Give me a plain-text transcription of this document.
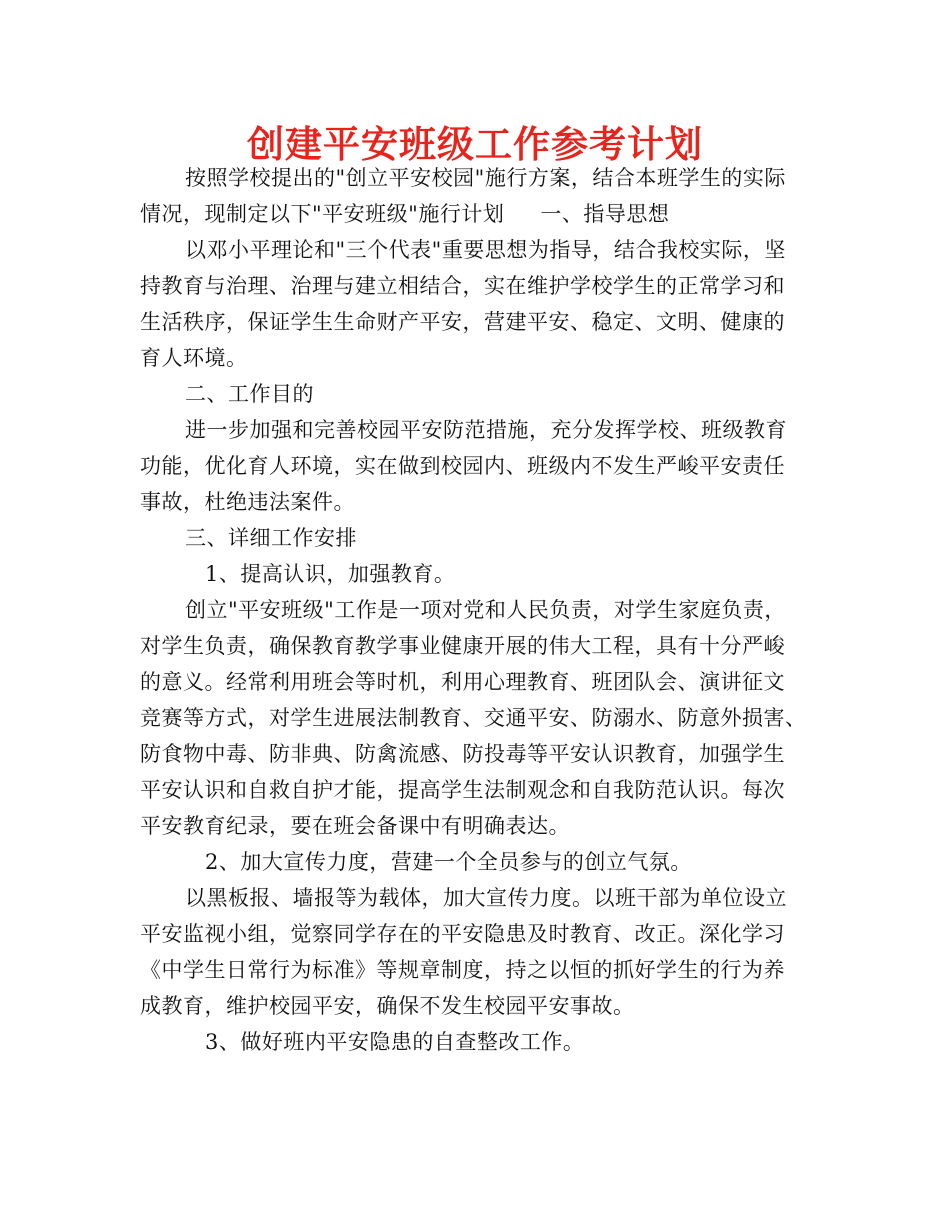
创建平安班级工作参考计划
按照学校提出的"创立平安校园"施行方案，结合本班学生的实际
情况，现制定以下"平安班级"施行计划 一、指导思想
以邓小平理论和"三个代表"重要思想为指导，结合我校实际，坚
持教育与治理、治理与建立相结合，实在维护学校学生的正常学习和
生活秩序，保证学生生命财产平安，营建平安、稳定、文明、健康的
育人环境。
二、工作目的
进一步加强和完善校园平安防范措施，充分发挥学校、班级教育
功能，优化育人环境，实在做到校园内、班级内不发生严峻平安责任
事故，杜绝违法案件。
三、详细工作安排
1、提高认识，加强教育。
创立"平安班级"工作是一项对党和人民负责，对学生家庭负责，
对学生负责，确保教育教学事业健康开展的伟大工程，具有十分严峻
的意义。经常利用班会等时机，利用心理教育、班团队会、演讲征文
竞赛等方式，对学生进展法制教育、交通平安、防溺水、防意外损害、
防食物中毒、防非典、防禽流感、防投毒等平安认识教育，加强学生
平安认识和自救自护才能，提高学生法制观念和自我防范认识。每次
平安教育纪录，要在班会备课中有明确表达。
2、加大宣传力度，营建一个全员参与的创立气氛。
以黑板报、墙报等为载体，加大宣传力度。以班干部为单位设立
平安监视小组，觉察同学存在的平安隐患及时教育、改正。深化学习
《中学生日常行为标准》等规章制度，持之以恒的抓好学生的行为养
成教育，维护校园平安，确保不发生校园平安事故。
3、做好班内平安隐患的自查整改工作。
